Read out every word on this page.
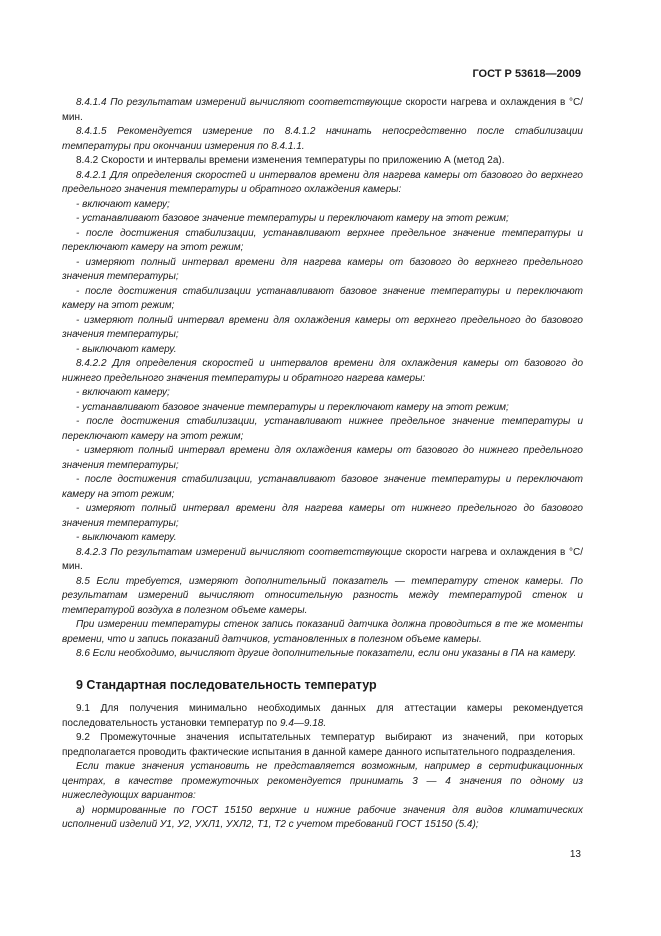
ГОСТ Р 53618—2009

8.4.1.4 По результатам измерений вычисляют соответствующие скорости нагрева и охлаждения в °С/мин.

8.4.1.5 Рекомендуется измерение по 8.4.1.2 начинать непосредственно после стабилизации температуры при окончании измерения по 8.4.1.1.

8.4.2 Скорости и интервалы времени изменения температуры по приложению А (метод 2а).

8.4.2.1 Для определения скоростей и интервалов времени для нагрева камеры от базового до верхнего предельного значения температуры и обратного охлаждения камеры:

- включают камеру;

- устанавливают базовое значение температуры и переключают камеру на этот режим;

- после достижения стабилизации, устанавливают верхнее предельное значение температуры и переключают камеру на этот режим;

- измеряют полный интервал времени для нагрева камеры от базового до верхнего предельного значения температуры;

- после достижения стабилизации устанавливают базовое значение температуры и переключают камеру на этот режим;

- измеряют полный интервал времени для охлаждения камеры от верхнего предельного до базового значения температуры;

- выключают камеру.

8.4.2.2 Для определения скоростей и интервалов времени для охлаждения камеры от базового до нижнего предельного значения температуры и обратного нагрева камеры:

- включают камеру;

- устанавливают базовое значение температуры и переключают камеру на этот режим;

- после достижения стабилизации, устанавливают нижнее предельное значение температуры и переключают камеру на этот режим;

- измеряют полный интервал времени для охлаждения камеры от базового до нижнего предельного значения температуры;

- после достижения стабилизации, устанавливают базовое значение температуры и переключают камеру на этот режим;

- измеряют полный интервал времени для нагрева камеры от нижнего предельного до базового значения температуры;

- выключают камеру.

8.4.2.3 По результатам измерений вычисляют соответствующие скорости нагрева и охлаждения в °С/мин.

8.5 Если требуется, измеряют дополнительный показатель — температуру стенок камеры. По результатам измерений вычисляют относительную разность между температурой стенок и температурой воздуха в полезном объеме камеры.

При измерении температуры стенок запись показаний датчика должна проводиться в те же моменты времени, что и запись показаний датчиков, установленных в полезном объеме камеры.

8.6 Если необходимо, вычисляют другие дополнительные показатели, если они указаны в ПА на камеру.

9 Стандартная последовательность температур

9.1 Для получения минимально необходимых данных для аттестации камеры рекомендуется последовательность установки температур по 9.4—9.18.

9.2 Промежуточные значения испытательных температур выбирают из значений, при которых предполагается проводить фактические испытания в данной камере данного испытательного подразделения.

Если такие значения установить не представляется возможным, например в сертификационных центрах, в качестве промежуточных рекомендуется принимать 3 — 4 значения по одному из нижеследующих вариантов:

а) нормированные по ГОСТ 15150 верхние и нижние рабочие значения для видов климатических исполнений изделий У1, У2, УХЛ1, УХЛ2, Т1, Т2 с учетом требований ГОСТ 15150 (5.4);

13
